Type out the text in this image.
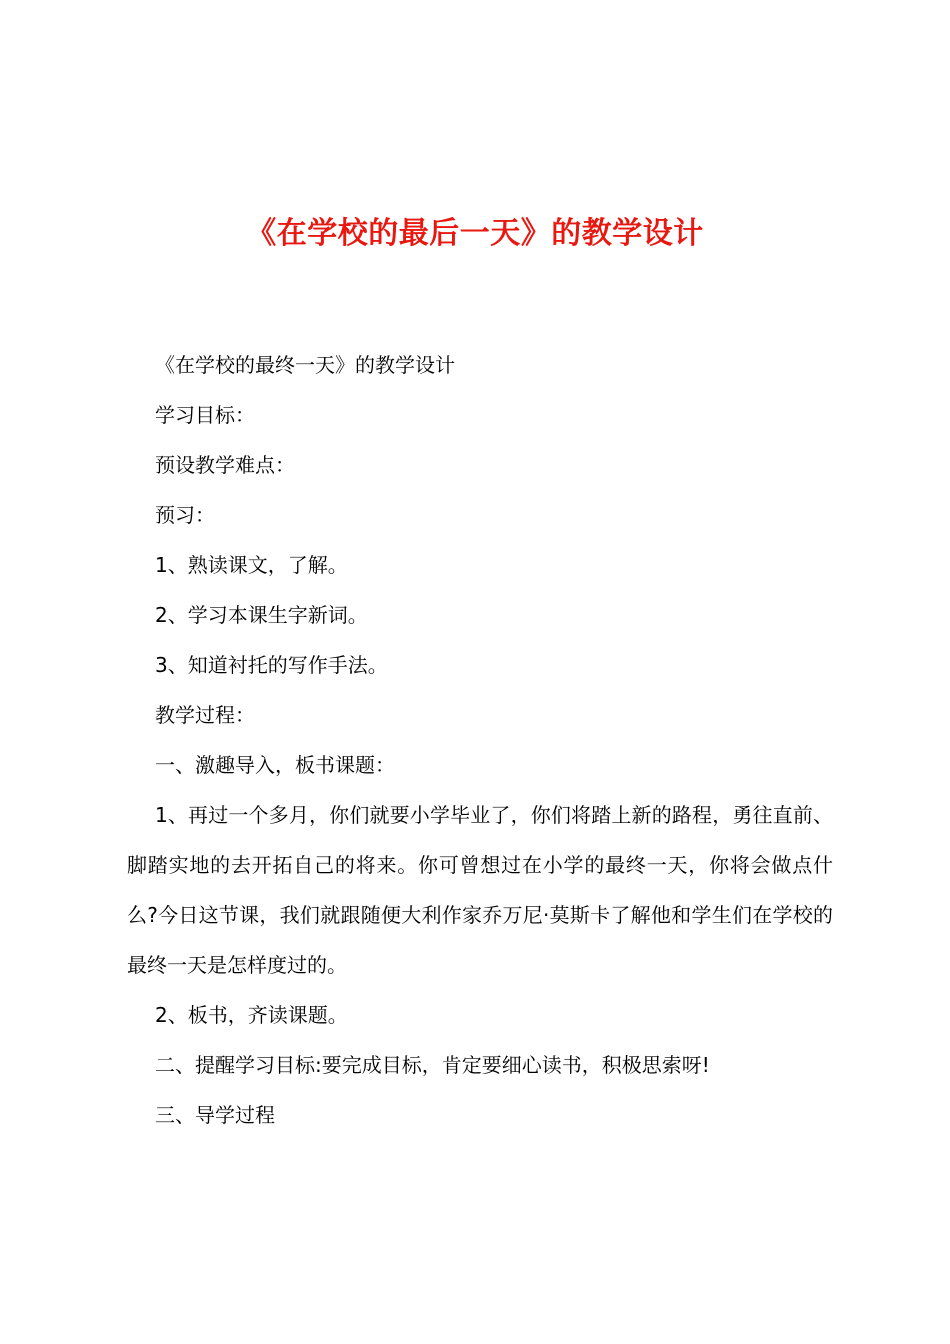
《在学校的最后一天》的教学设计

《在学校的最终一天》的教学设计

学习目标：

预设教学难点：

预习：

1、熟读课文，了解。

2、学习本课生字新词。

3、知道衬托的写作手法。

教学过程：

一、激趣导入，板书课题：

1、再过一个多月，你们就要小学毕业了，你们将踏上新的路程，勇往直前、脚踏实地的去开拓自己的将来。你可曾想过在小学的最终一天，你将会做点什么?今日这节课，我们就跟随便大利作家乔万尼·莫斯卡了解他和学生们在学校的最终一天是怎样度过的。

2、板书，齐读课题。

二、提醒学习目标:要完成目标，肯定要细心读书，积极思索呀!

三、导学过程
